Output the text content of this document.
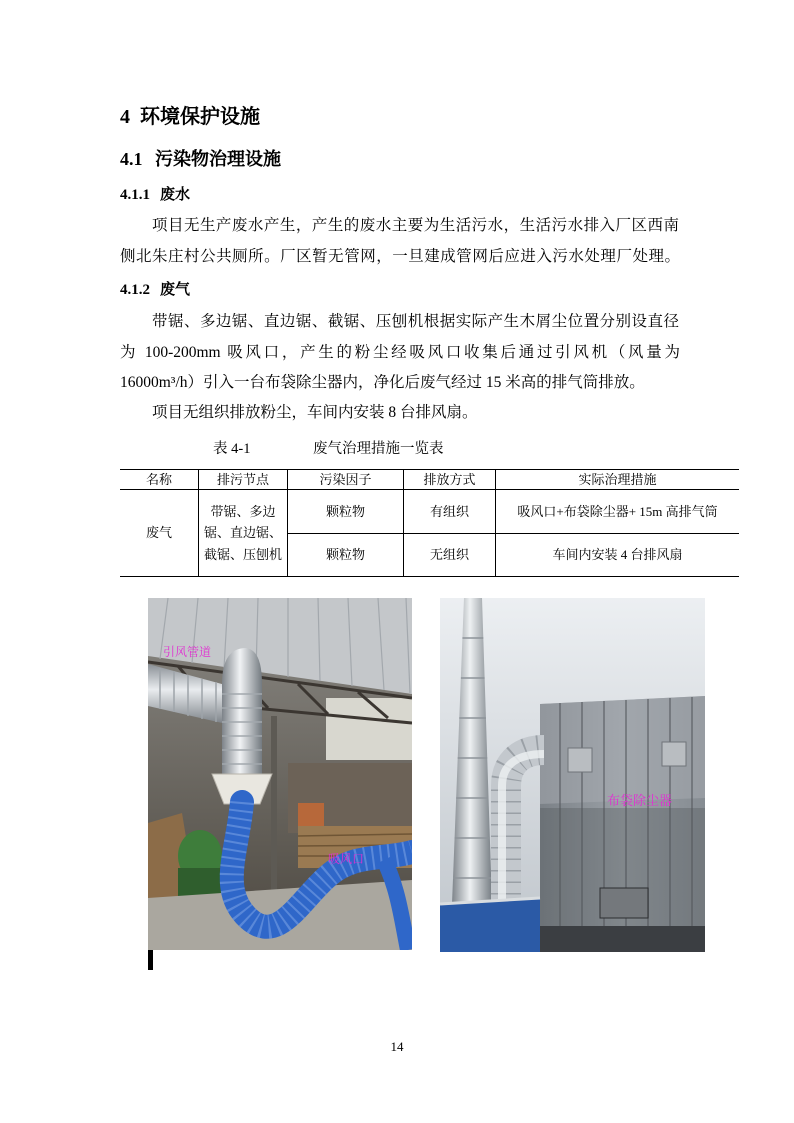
4 环境保护设施
4.1 污染物治理设施
4.1.1 废水
项目无生产废水产生，产生的废水主要为生活污水，生活污水排入厂区西南
侧北朱庄村公共厕所。厂区暂无管网，一旦建成管网后应进入污水处理厂处理。
4.1.2 废气
带锯、多边锯、直边锯、截锯、压刨机根据实际产生木屑尘位置分别设直径
为 100-200mm 吸风口，产生的粉尘经吸风口收集后通过引风机（风量为
16000m³/h）引入一台布袋除尘器内，净化后废气经过 15 米高的排气筒排放。
项目无组织排放粉尘，车间内安装 8 台排风扇。
表 4-1	废气治理措施一览表
名称	排污节点	污染因子	排放方式	实际治理措施
废气	带锯、多边锯、直边锯、截锯、压刨机	颗粒物	有组织	吸风口+布袋除尘器+ 15m 高排气筒
		颗粒物	无组织	车间内安装 4 台排风扇
引风管道
吸风口
布袋除尘器
14
